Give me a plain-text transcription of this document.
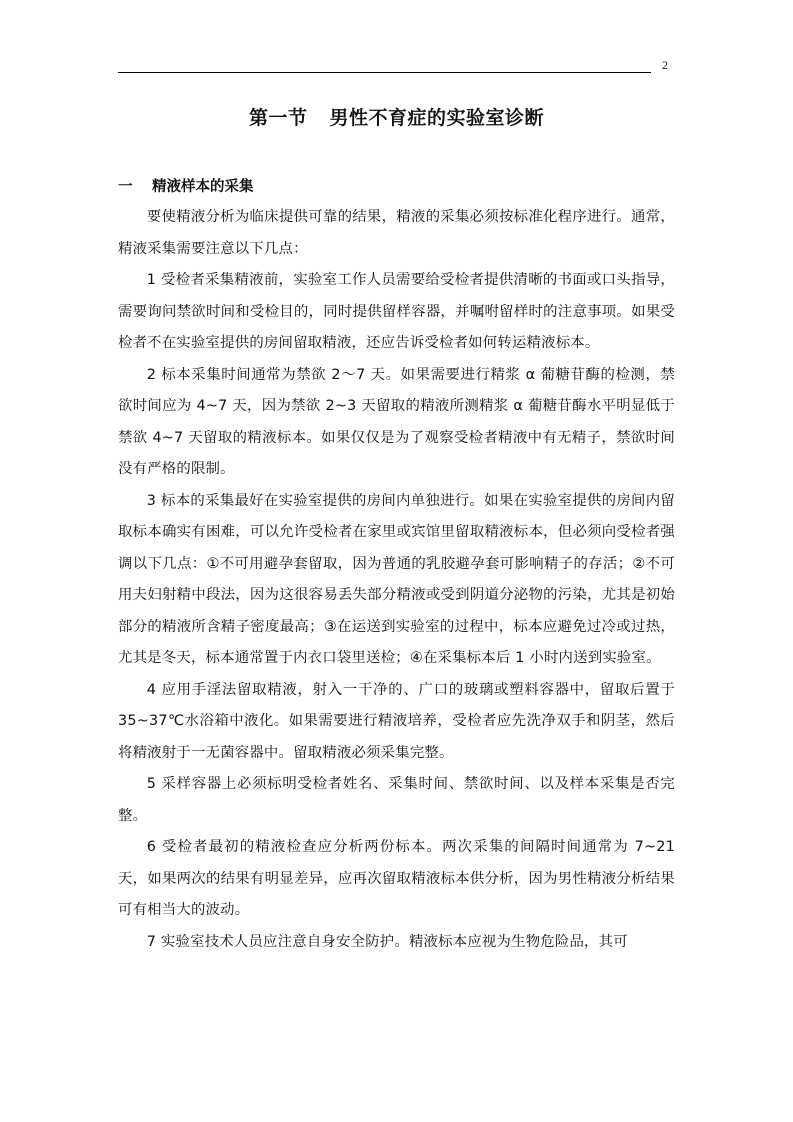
2
第一节 男性不育症的实验室诊断
一 精液样本的采集

要使精液分析为临床提供可靠的结果，精液的采集必须按标准化程序进行。通常，精液采集需要注意以下几点：

1 受检者采集精液前，实验室工作人员需要给受检者提供清晰的书面或口头指导，需要询问禁欲时间和受检目的，同时提供留样容器，并嘱咐留样时的注意事项。如果受检者不在实验室提供的房间留取精液，还应告诉受检者如何转运精液标本。

2 标本采集时间通常为禁欲 2～7 天。如果需要进行精浆 α 葡糖苷酶的检测，禁欲时间应为 4~7 天，因为禁欲 2~3 天留取的精液所测精浆 α 葡糖苷酶水平明显低于禁欲 4~7 天留取的精液标本。如果仅仅是为了观察受检者精液中有无精子，禁欲时间没有严格的限制。

3 标本的采集最好在实验室提供的房间内单独进行。如果在实验室提供的房间内留取标本确实有困难，可以允许受检者在家里或宾馆里留取精液标本，但必须向受检者强调以下几点：①不可用避孕套留取，因为普通的乳胶避孕套可影响精子的存活；②不可用夫妇射精中段法，因为这很容易丢失部分精液或受到阴道分泌物的污染，尤其是初始部分的精液所含精子密度最高；③在运送到实验室的过程中，标本应避免过冷或过热，尤其是冬天，标本通常置于内衣口袋里送检；④在采集标本后 1 小时内送到实验室。

4 应用手淫法留取精液，射入一干净的、广口的玻璃或塑料容器中，留取后置于 35~37℃水浴箱中液化。如果需要进行精液培养，受检者应先洗净双手和阴茎，然后将精液射于一无菌容器中。留取精液必须采集完整。

5 采样容器上必须标明受检者姓名、采集时间、禁欲时间、以及样本采集是否完整。

6 受检者最初的精液检查应分析两份标本。两次采集的间隔时间通常为 7~21 天，如果两次的结果有明显差异，应再次留取精液标本供分析，因为男性精液分析结果可有相当大的波动。

7 实验室技术人员应注意自身安全防护。精液标本应视为生物危险品，其可
